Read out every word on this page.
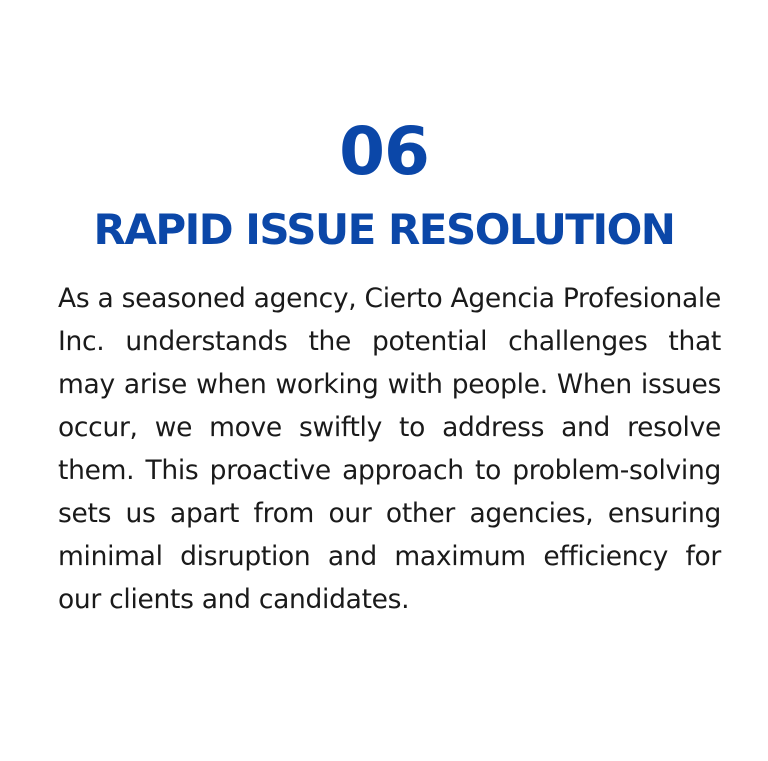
06
RAPID ISSUE RESOLUTION

As a seasoned agency, Cierto Agencia Profesionale Inc. understands the potential challenges that may arise when working with people. When issues occur, we move swiftly to address and resolve them. This proactive approach to problem-solving sets us apart from our other agencies, ensuring minimal disruption and maximum efficiency for our clients and candidates.
